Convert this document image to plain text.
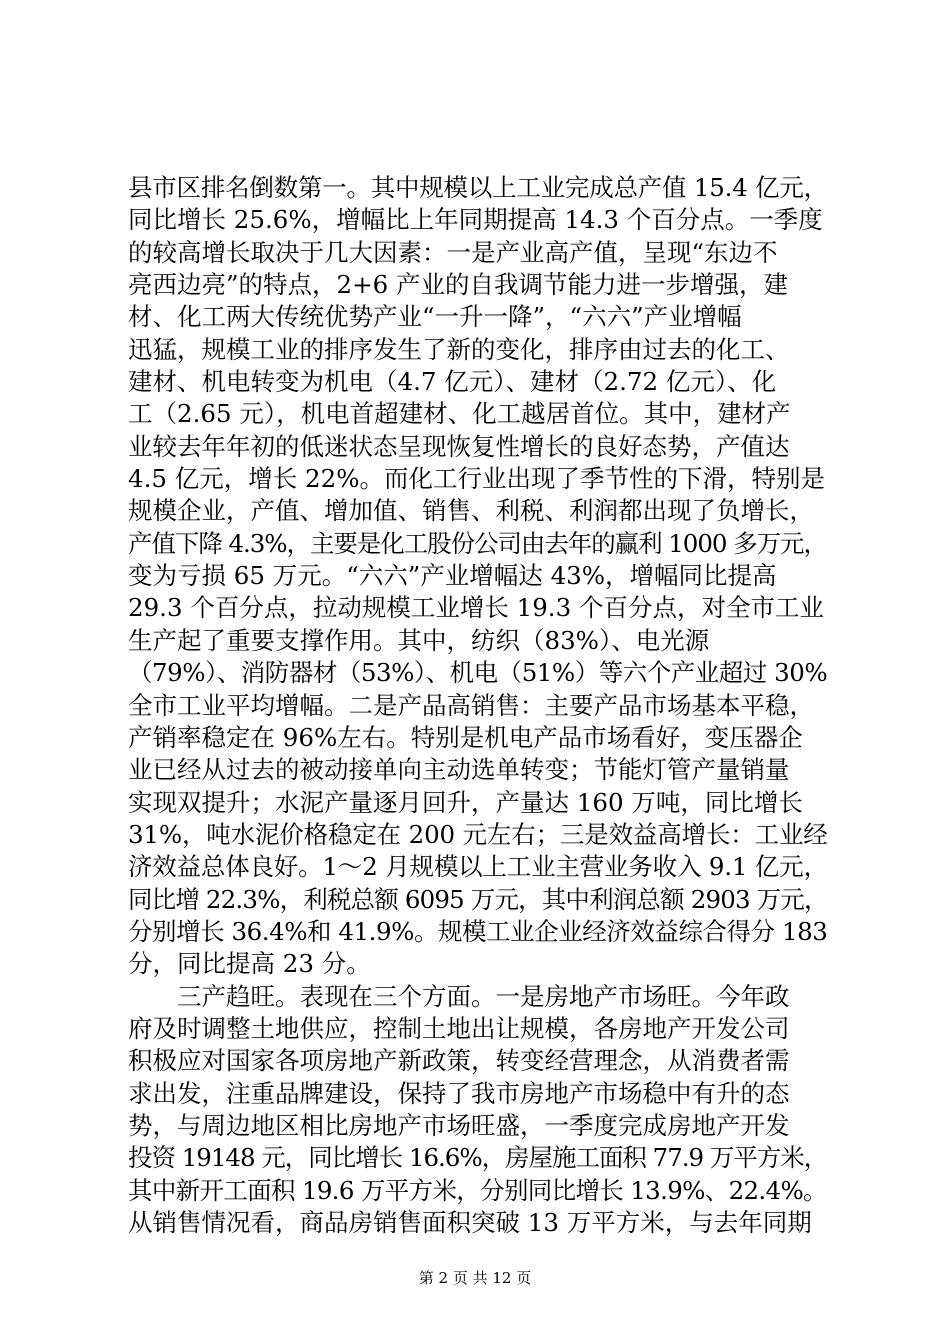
县市区排名倒数第一。其中规模以上工业完成总产值 15.4 亿元，
同比增长 25.6%，增幅比上年同期提高 14.3 个百分点。一季度
的较高增长取决于几大因素：一是产业高产值，呈现“东边不
亮西边亮”的特点，2+6 产业的自我调节能力进一步增强，建
材、化工两大传统优势产业“一升一降”，“六六”产业增幅
迅猛，规模工业的排序发生了新的变化，排序由过去的化工、
建材、机电转变为机电（4.7 亿元）、建材（2.72 亿元）、化
工（2.65 元），机电首超建材、化工越居首位。其中，建材产
业较去年年初的低迷状态呈现恢复性增长的良好态势，产值达
4.5 亿元，增长 22%。而化工行业出现了季节性的下滑，特别是
规模企业，产值、增加值、销售、利税、利润都出现了负增长，
产值下降 4.3%，主要是化工股份公司由去年的赢利 1000 多万元，
变为亏损 65 万元。“六六”产业增幅达 43%，增幅同比提高
29.3 个百分点，拉动规模工业增长 19.3 个百分点，对全市工业
生产起了重要支撑作用。其中，纺织（83%）、电光源
（79%）、消防器材（53%）、机电（51%）等六个产业超过 30%
全市工业平均增幅。二是产品高销售：主要产品市场基本平稳，
产销率稳定在 96%左右。特别是机电产品市场看好，变压器企
业已经从过去的被动接单向主动选单转变；节能灯管产量销量
实现双提升；水泥产量逐月回升，产量达 160 万吨，同比增长
31%，吨水泥价格稳定在 200 元左右；三是效益高增长：工业经
济效益总体良好。1～2 月规模以上工业主营业务收入 9.1 亿元，
同比增 22.3%，利税总额 6095 万元，其中利润总额 2903 万元，
分别增长 36.4%和 41.9%。规模工业企业经济效益综合得分 183
分，同比提高 23 分。
　　三产趋旺。表现在三个方面。一是房地产市场旺。今年政
府及时调整土地供应，控制土地出让规模，各房地产开发公司
积极应对国家各项房地产新政策，转变经营理念，从消费者需
求出发，注重品牌建设，保持了我市房地产市场稳中有升的态
势，与周边地区相比房地产市场旺盛，一季度完成房地产开发
投资 19148 元，同比增长 16.6%，房屋施工面积 77.9 万平方米，
其中新开工面积 19.6 万平方米，分别同比增长 13.9%、22.4%。
从销售情况看，商品房销售面积突破 13 万平方米，与去年同期
第 2 页 共 12 页
